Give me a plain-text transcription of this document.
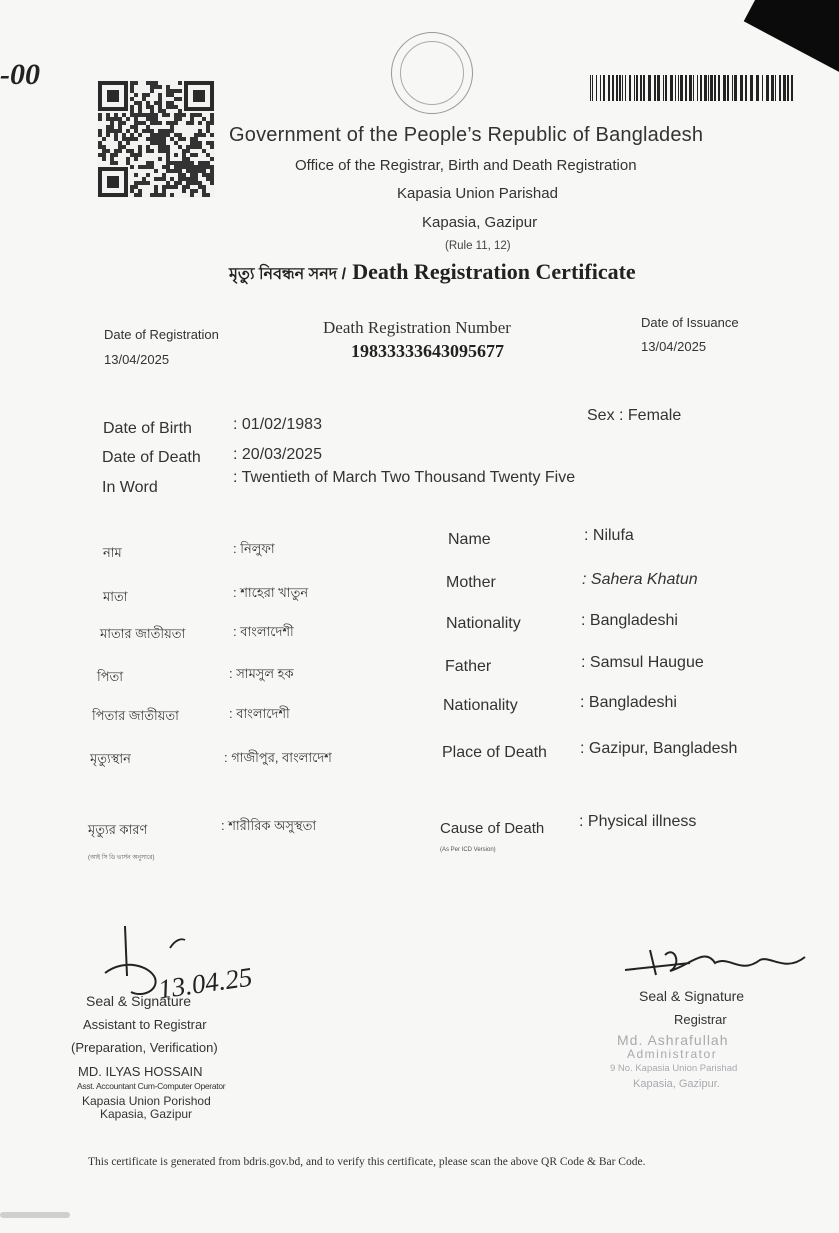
-00
Government of the People’s Republic of Bangladesh
Office of the Registrar, Birth and Death Registration
Kapasia Union Parishad
Kapasia, Gazipur
(Rule 11, 12)
মৃত্যু নিবন্ধন সনদ / Death Registration Certificate
Date of Registration
13/04/2025
Death Registration Number
19833333643095677
Date of Issuance
13/04/2025
Date of Birth	: 01/02/1983
Date of Death : 20/03/2025
In Word
: Twentieth of March Two Thousand Twenty Five
Sex : Female
নাম	: নিলুফা
মাতা	: শাহেরা খাতুন
মাতার জাতীয়তা	: বাংলাদেশী
পিতা	: সামসুল হক
পিতার জাতীয়তা	: বাংলাদেশী
মৃত্যুস্থান	: গাজীপুর, বাংলাদেশ
মৃত্যুর কারণ	: শারীরিক অসুস্থতা
(আই সি ডি ভার্সন অনুসারে)
Name	: Nilufa
Mother	: Sahera Khatun
Nationality	: Bangladeshi
Father	: Samsul Haugue
Nationality	: Bangladeshi
Place of Death : Gazipur, Bangladesh
Cause of Death : Physical illness
(As Per ICD Version)
13.04.25
Seal & Signature
Assistant to Registrar
(Preparation, Verification)
MD. ILYAS HOSSAIN
Asst. Accountant Cum-Computer Operator
Kapasia Union Porishod
Kapasia, Gazipur
Seal & Signature
Registrar
Md. Ashrafullah
Administrator
9 No. Kapasia Union Parishad
Kapasia, Gazipur.
This certificate is generated from bdris.gov.bd, and to verify this certificate, please scan the above QR Code & Bar Code.
